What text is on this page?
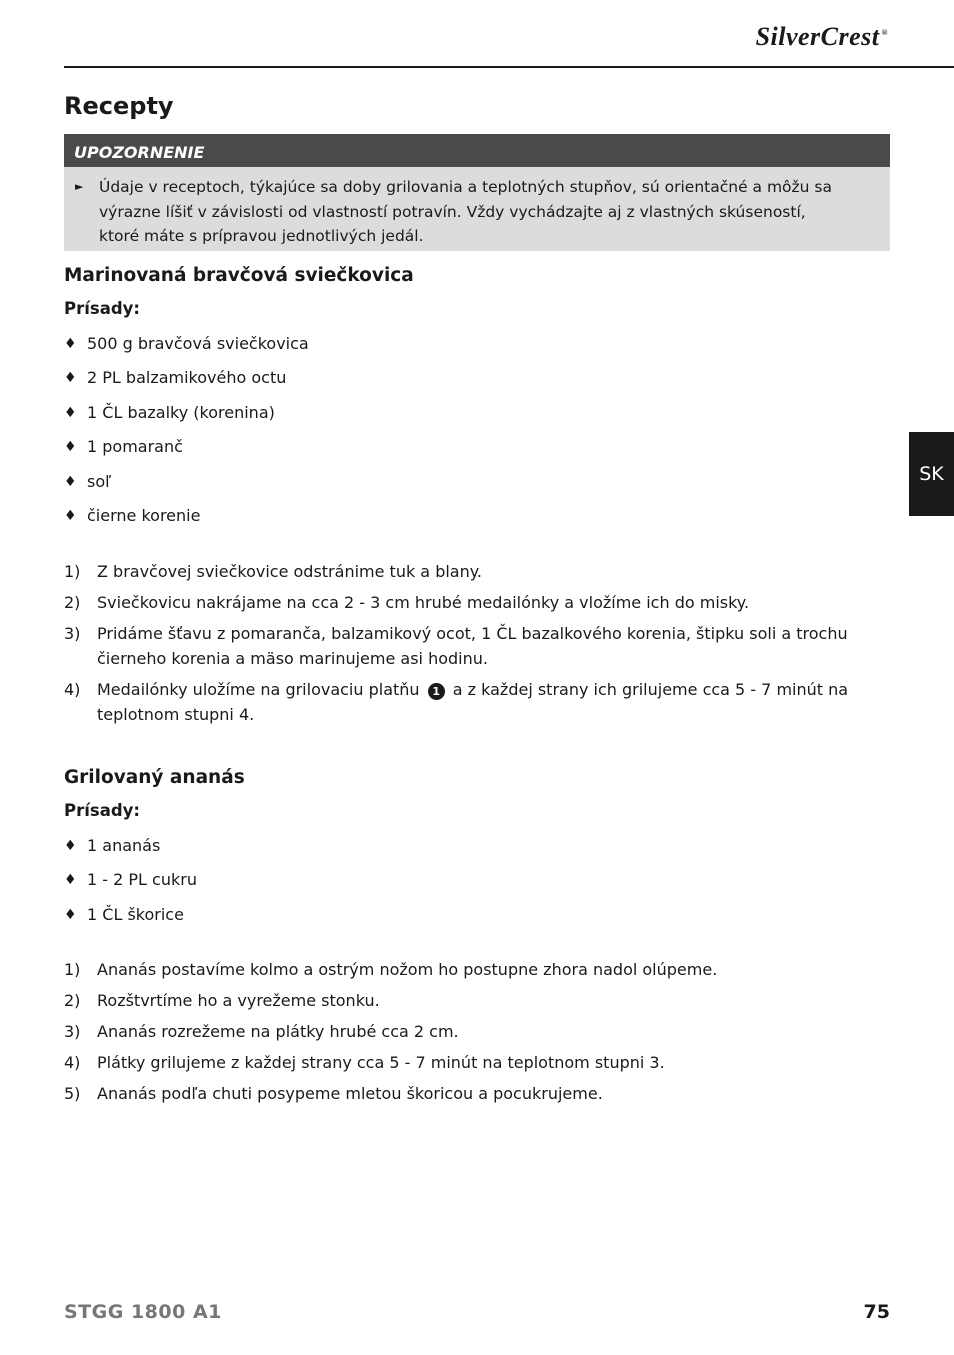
SilverCrest ®
Recepty
UPOZORNENIE
► Údaje v receptoch, týkajúce sa doby grilovania a teplotných stupňov, sú orientačné a môžu sa výrazne líšiť v závislosti od vlastností potravín. Vždy vychádzajte aj z vlastných skúseností, ktoré máte s prípravou jednotlivých jedál.
Marinovaná bravčová sviečkovica
Prísady:
♦ 500 g bravčová sviečkovica
♦ 2 PL balzamikového octu
♦ 1 ČL bazalky (korenina)
♦ 1 pomaranč
♦ soľ
♦ čierne korenie
1) Z bravčovej sviečkovice odstránime tuk a blany.
2) Sviečkovicu nakrájame na cca 2 - 3 cm hrubé medailónky a vložíme ich do misky.
3) Pridáme šťavu z pomaranča, balzamikový ocot, 1 ČL bazalkového korenia, štipku soli a trochu čierneho korenia a mäso marinujeme asi hodinu.
4) Medailónky uložíme na grilovaciu platňu 1 a z každej strany ich grilujeme cca 5 - 7 minút na teplotnom stupni 4.
Grilovaný ananás
Prísady:
♦ 1 ananás
♦ 1 - 2 PL cukru
♦ 1 ČL škorice
1) Ananás postavíme kolmo a ostrým nožom ho postupne zhora nadol olúpeme.
2) Rozštvrtíme ho a vyrežeme stonku.
3) Ananás rozrežeme na plátky hrubé cca 2 cm.
4) Plátky grilujeme z každej strany cca 5 - 7 minút na teplotnom stupni 3.
5) Ananás podľa chuti posypeme mletou škoricou a pocukrujeme.
SK
STGG 1800 A1	75
